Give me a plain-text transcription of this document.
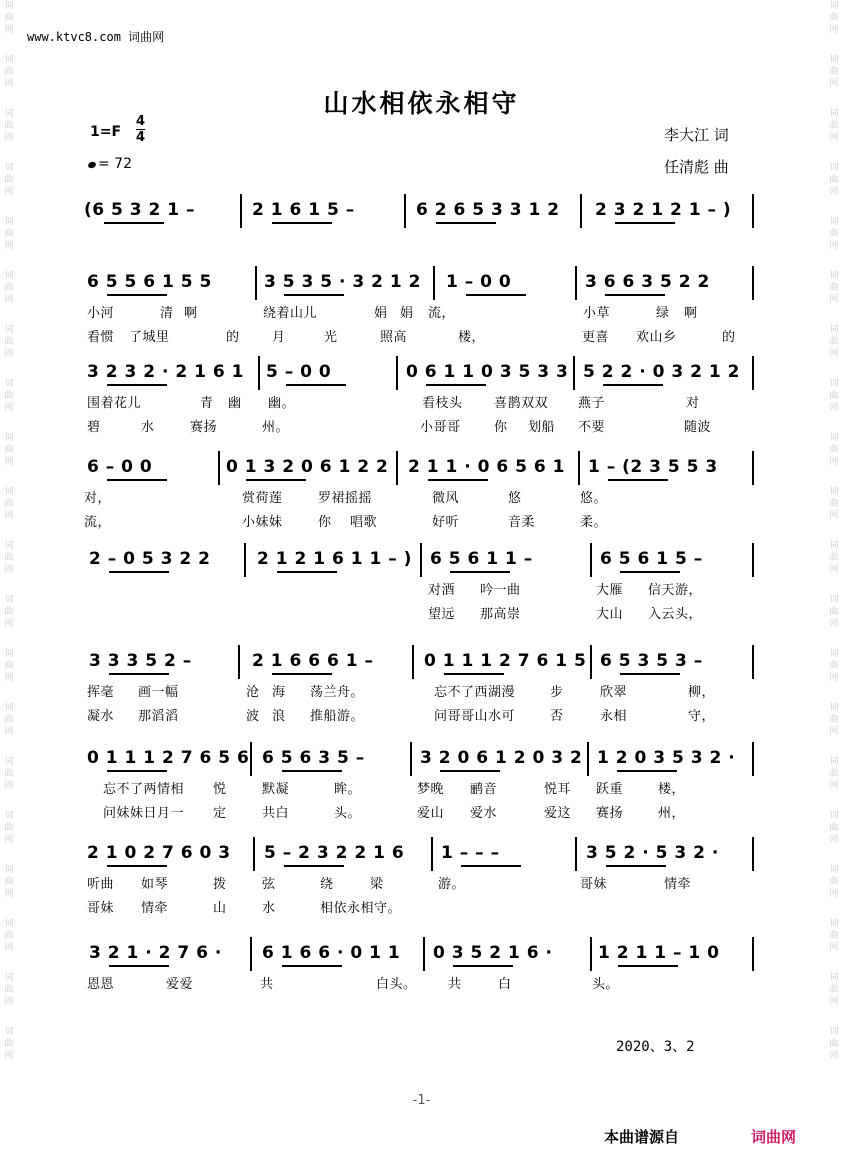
词
曲
网
词
曲
网
词
曲
网
词
曲
网
词
曲
网
词
曲
网
词
曲
网
词
曲
网
词
曲
网
词
曲
网
词
曲
网
词
曲
网
词
曲
网
词
曲
网
词
曲
网
词
曲
网
词
曲
网
词
曲
网
词
曲
网
词
曲
网
词
曲
网
词
曲
网
词
曲
网
词
曲
网
词
曲
网
词
曲
网
词
曲
网
词
曲
网
词
曲
网
词
曲
网
词
曲
网
词
曲
网
词
曲
网
词
曲
网
词
曲
网
词
曲
网
词
曲
网
词
曲
网
词
曲
网
词
曲
网
www.ktvc8.com 词曲网
山水相依永相守
1=F
4
4
= 72
李大江 词
任清彪 曲
(6 5 3 2 1 –	2 1 6 1 5 –	6 2 6 5 3 3 1 2 2 3 2 1 2 1 – )
6 5 5 6 1 5 5	3 5 3 5 · 3 2 1 2 1 – 0 0	3 6 6 3 5 2 2
小河	清 啊	绕着山儿	娟 娟 流，	小草	绿 啊
看惯 了城里	的 月	光	照高	楼，	更喜 欢山乡	的
3 2 3 2 · 2 1 6 1 5 – 0 0	0 6 1 1 0 3 5 3 3 5 2 2 · 0 3 2 1 2
围着花儿	青 幽 幽。	看枝头 喜鹊双双 燕子	对
碧	水	赛扬	州。	小哥哥	你 划船 不要	随波
6 – 0 0	0 1 3 2 0 6 1 2 2 2 1 1 · 0 6 5 6 1 1 – (2 3 5 5 3
对，	赏荷莲	罗裙摇摇	微风	悠	悠。
流，	小妹妹	你 唱歌	好听	音柔	柔。
2 – 0 5 3 2 2	2 1 2 1 6 1 1 – ) 6 5 6 1 1 –	6 5 6 1 5 –
对酒 吟一曲	大雁 信天游，
望远 那高崇	大山 入云头，
3 3 3 5 2 –	2 1 6 6 6 1 –	0 1 1 1 2 7 6 1 5 6 5 3 5 3 –
挥毫 画一幅	沧 海 荡兰舟。	忘不了西湖漫	步	欣翠	柳，
凝水 那滔滔	波 浪 推船游。	问哥哥山水可	否	永相	守，
0 1 1 1 2 7 6 5 6 6 5 6 3 5 –	3 2 0 6 1 2 0 3 2 1 2 0 3 5 3 2 ·
忘不了两情相 悦	默凝	眸。	梦晚 鹂音	悦耳 跃重	楼，
问妹妹日月一 定	共白	头。	爱山 爱水	爱这 赛扬	州，
2 1 0 2 7 6 0 3 5 – 2 3 2 2 1 6 1 – – –	3 5 2 · 5 3 2 ·
听曲 如琴	拨	弦	绕	梁	游。	哥妹	情牵
哥妹 情牵	山	水	相依永相守。
3 2 1 · 2 7 6 · 6 1 6 6 · 0 1 1 0 3 5 2 1 6 ·	1 2 1 1 – 1 0
恩恩	爱爱	共	白头。 共	白	头。
2020、3、2
-1-
本曲谱源自	词曲网
